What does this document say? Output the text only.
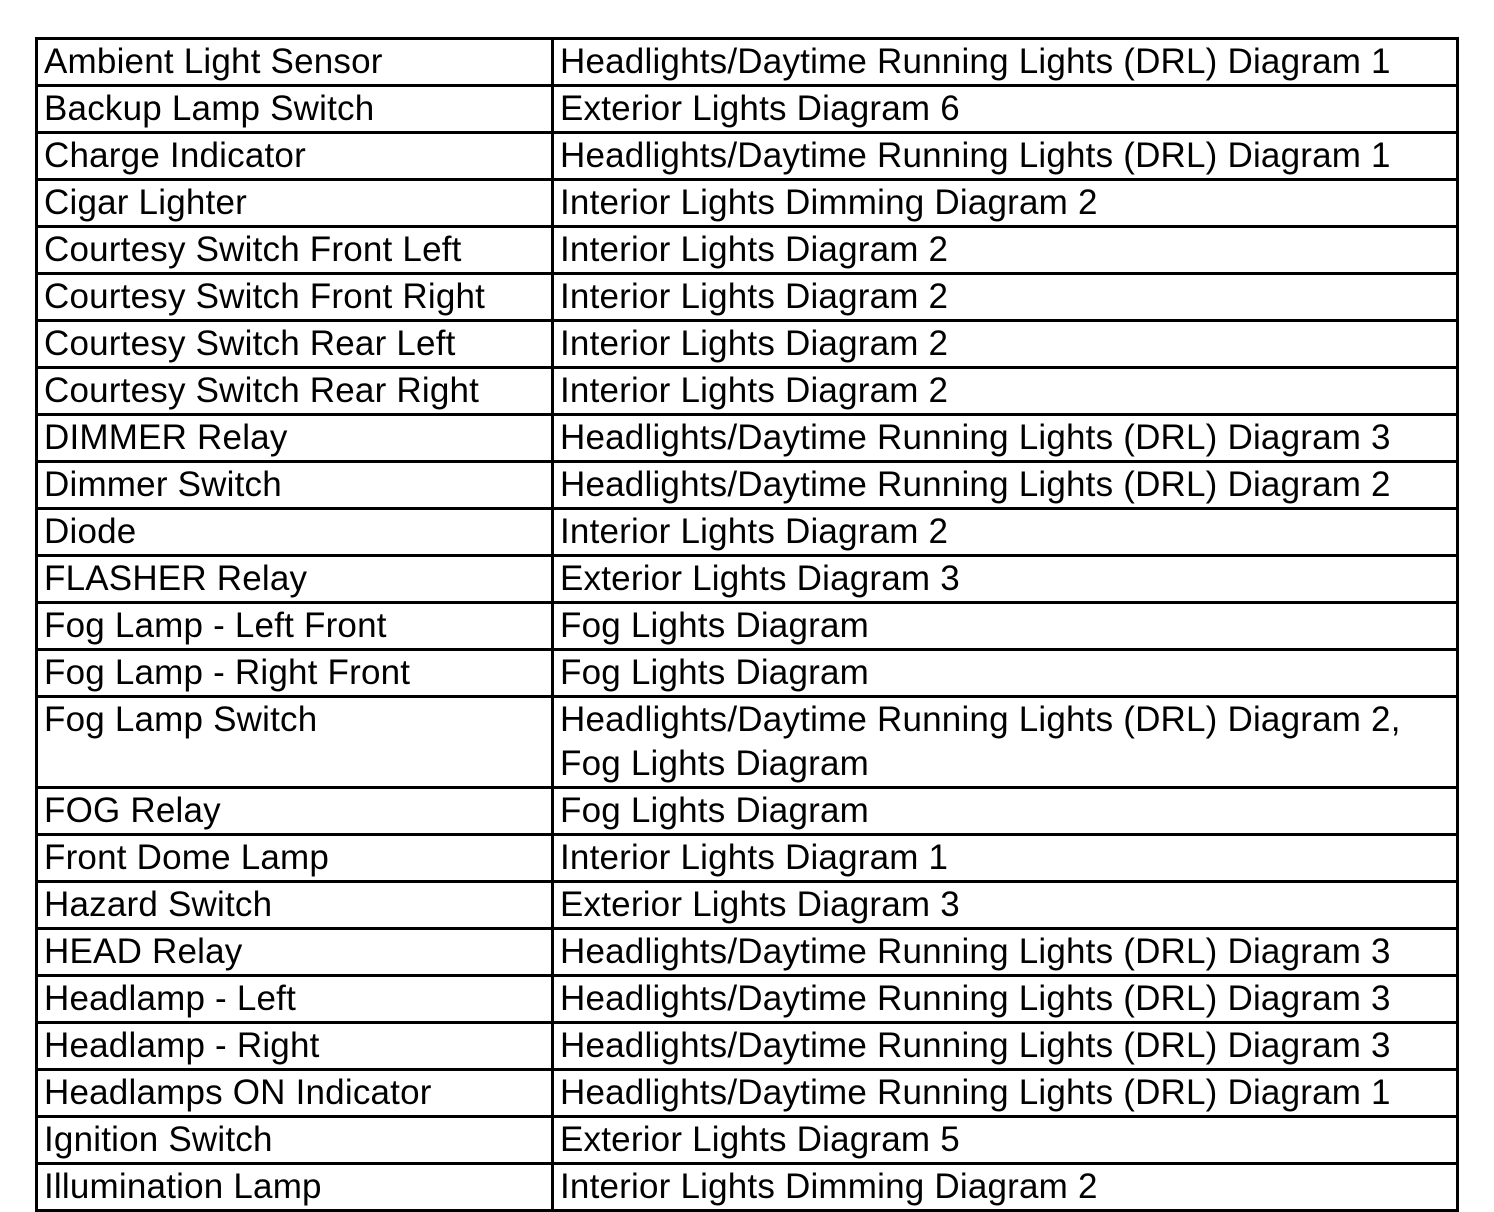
Ambient Light Sensor	Headlights/Daytime Running Lights (DRL) Diagram 1
Backup Lamp Switch	Exterior Lights Diagram 6
Charge Indicator	Headlights/Daytime Running Lights (DRL) Diagram 1
Cigar Lighter	Interior Lights Dimming Diagram 2
Courtesy Switch Front Left	Interior Lights Diagram 2
Courtesy Switch Front Right	Interior Lights Diagram 2
Courtesy Switch Rear Left	Interior Lights Diagram 2
Courtesy Switch Rear Right	Interior Lights Diagram 2
DIMMER Relay	Headlights/Daytime Running Lights (DRL) Diagram 3
Dimmer Switch	Headlights/Daytime Running Lights (DRL) Diagram 2
Diode	Interior Lights Diagram 2
FLASHER Relay	Exterior Lights Diagram 3
Fog Lamp - Left Front	Fog Lights Diagram
Fog Lamp - Right Front	Fog Lights Diagram
Fog Lamp Switch	Headlights/Daytime Running Lights (DRL) Diagram 2,
Fog Lights Diagram

FOG Relay	Fog Lights Diagram
Front Dome Lamp	Interior Lights Diagram 1
Hazard Switch	Exterior Lights Diagram 3
HEAD Relay	Headlights/Daytime Running Lights (DRL) Diagram 3
Headlamp - Left	Headlights/Daytime Running Lights (DRL) Diagram 3
Headlamp - Right	Headlights/Daytime Running Lights (DRL) Diagram 3
Headlamps ON Indicator	Headlights/Daytime Running Lights (DRL) Diagram 1
Ignition Switch	Exterior Lights Diagram 5
Illumination Lamp	Interior Lights Dimming Diagram 2
